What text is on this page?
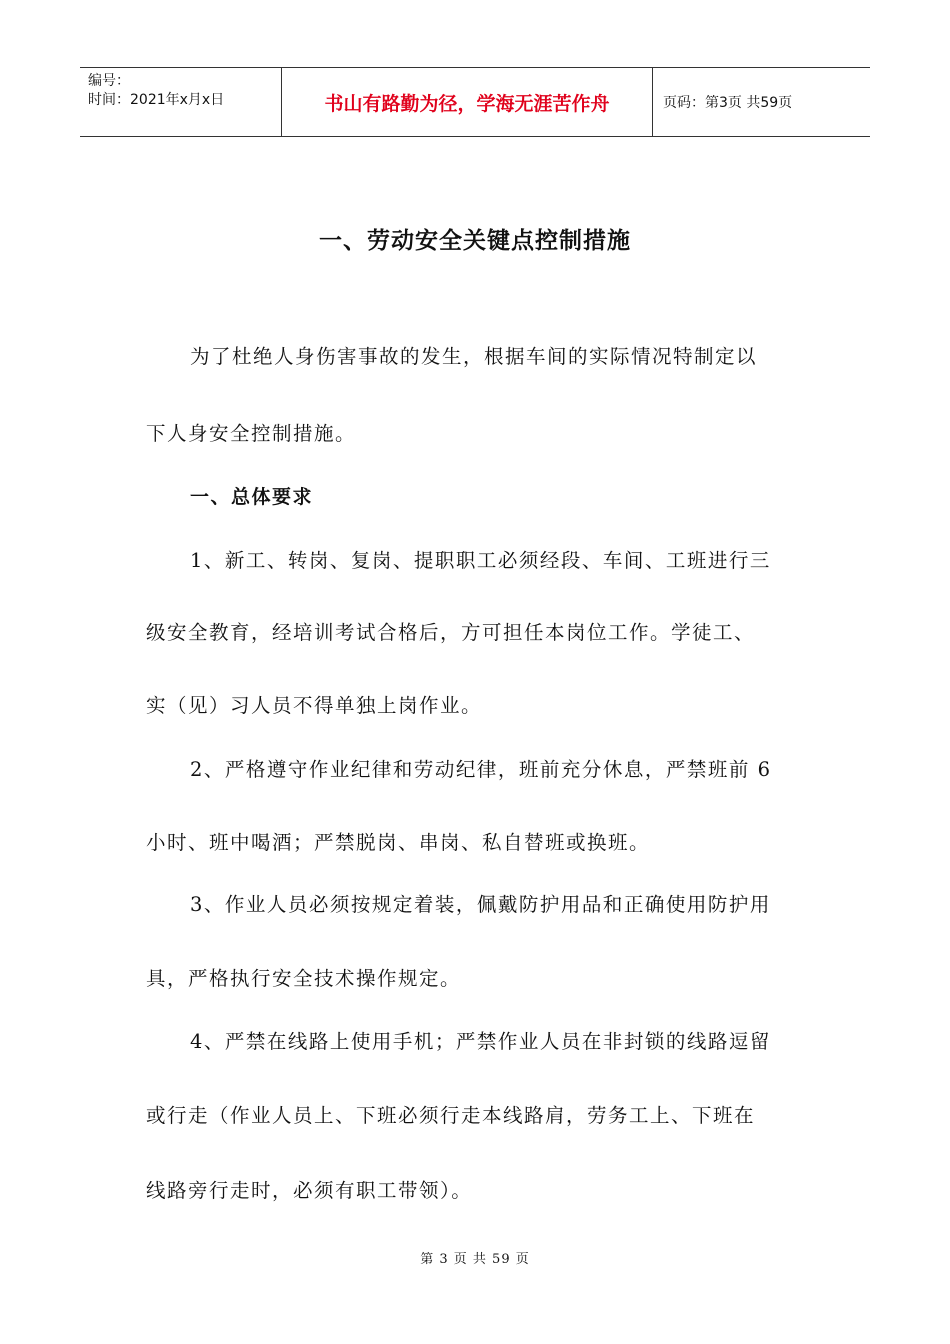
编号：
时间：2021年x月x日	书山有路勤为径，学海无涯苦作舟	页码：第3页 共59页
一、劳动安全关键点控制措施
为了杜绝人身伤害事故的发生，根据车间的实际情况特制定以
下人身安全控制措施。
一、总体要求
1、新工、转岗、复岗、提职职工必须经段、车间、工班进行三
级安全教育，经培训考试合格后，方可担任本岗位工作。学徒工、
实（见）习人员不得单独上岗作业。
2、严格遵守作业纪律和劳动纪律，班前充分休息，严禁班前 6
小时、班中喝酒；严禁脱岗、串岗、私自替班或换班。
3、作业人员必须按规定着装，佩戴防护用品和正确使用防护用
具，严格执行安全技术操作规定。
4、严禁在线路上使用手机；严禁作业人员在非封锁的线路逗留
或行走（作业人员上、下班必须行走本线路肩，劳务工上、下班在
线路旁行走时，必须有职工带领）。
第 3 页 共 59 页
